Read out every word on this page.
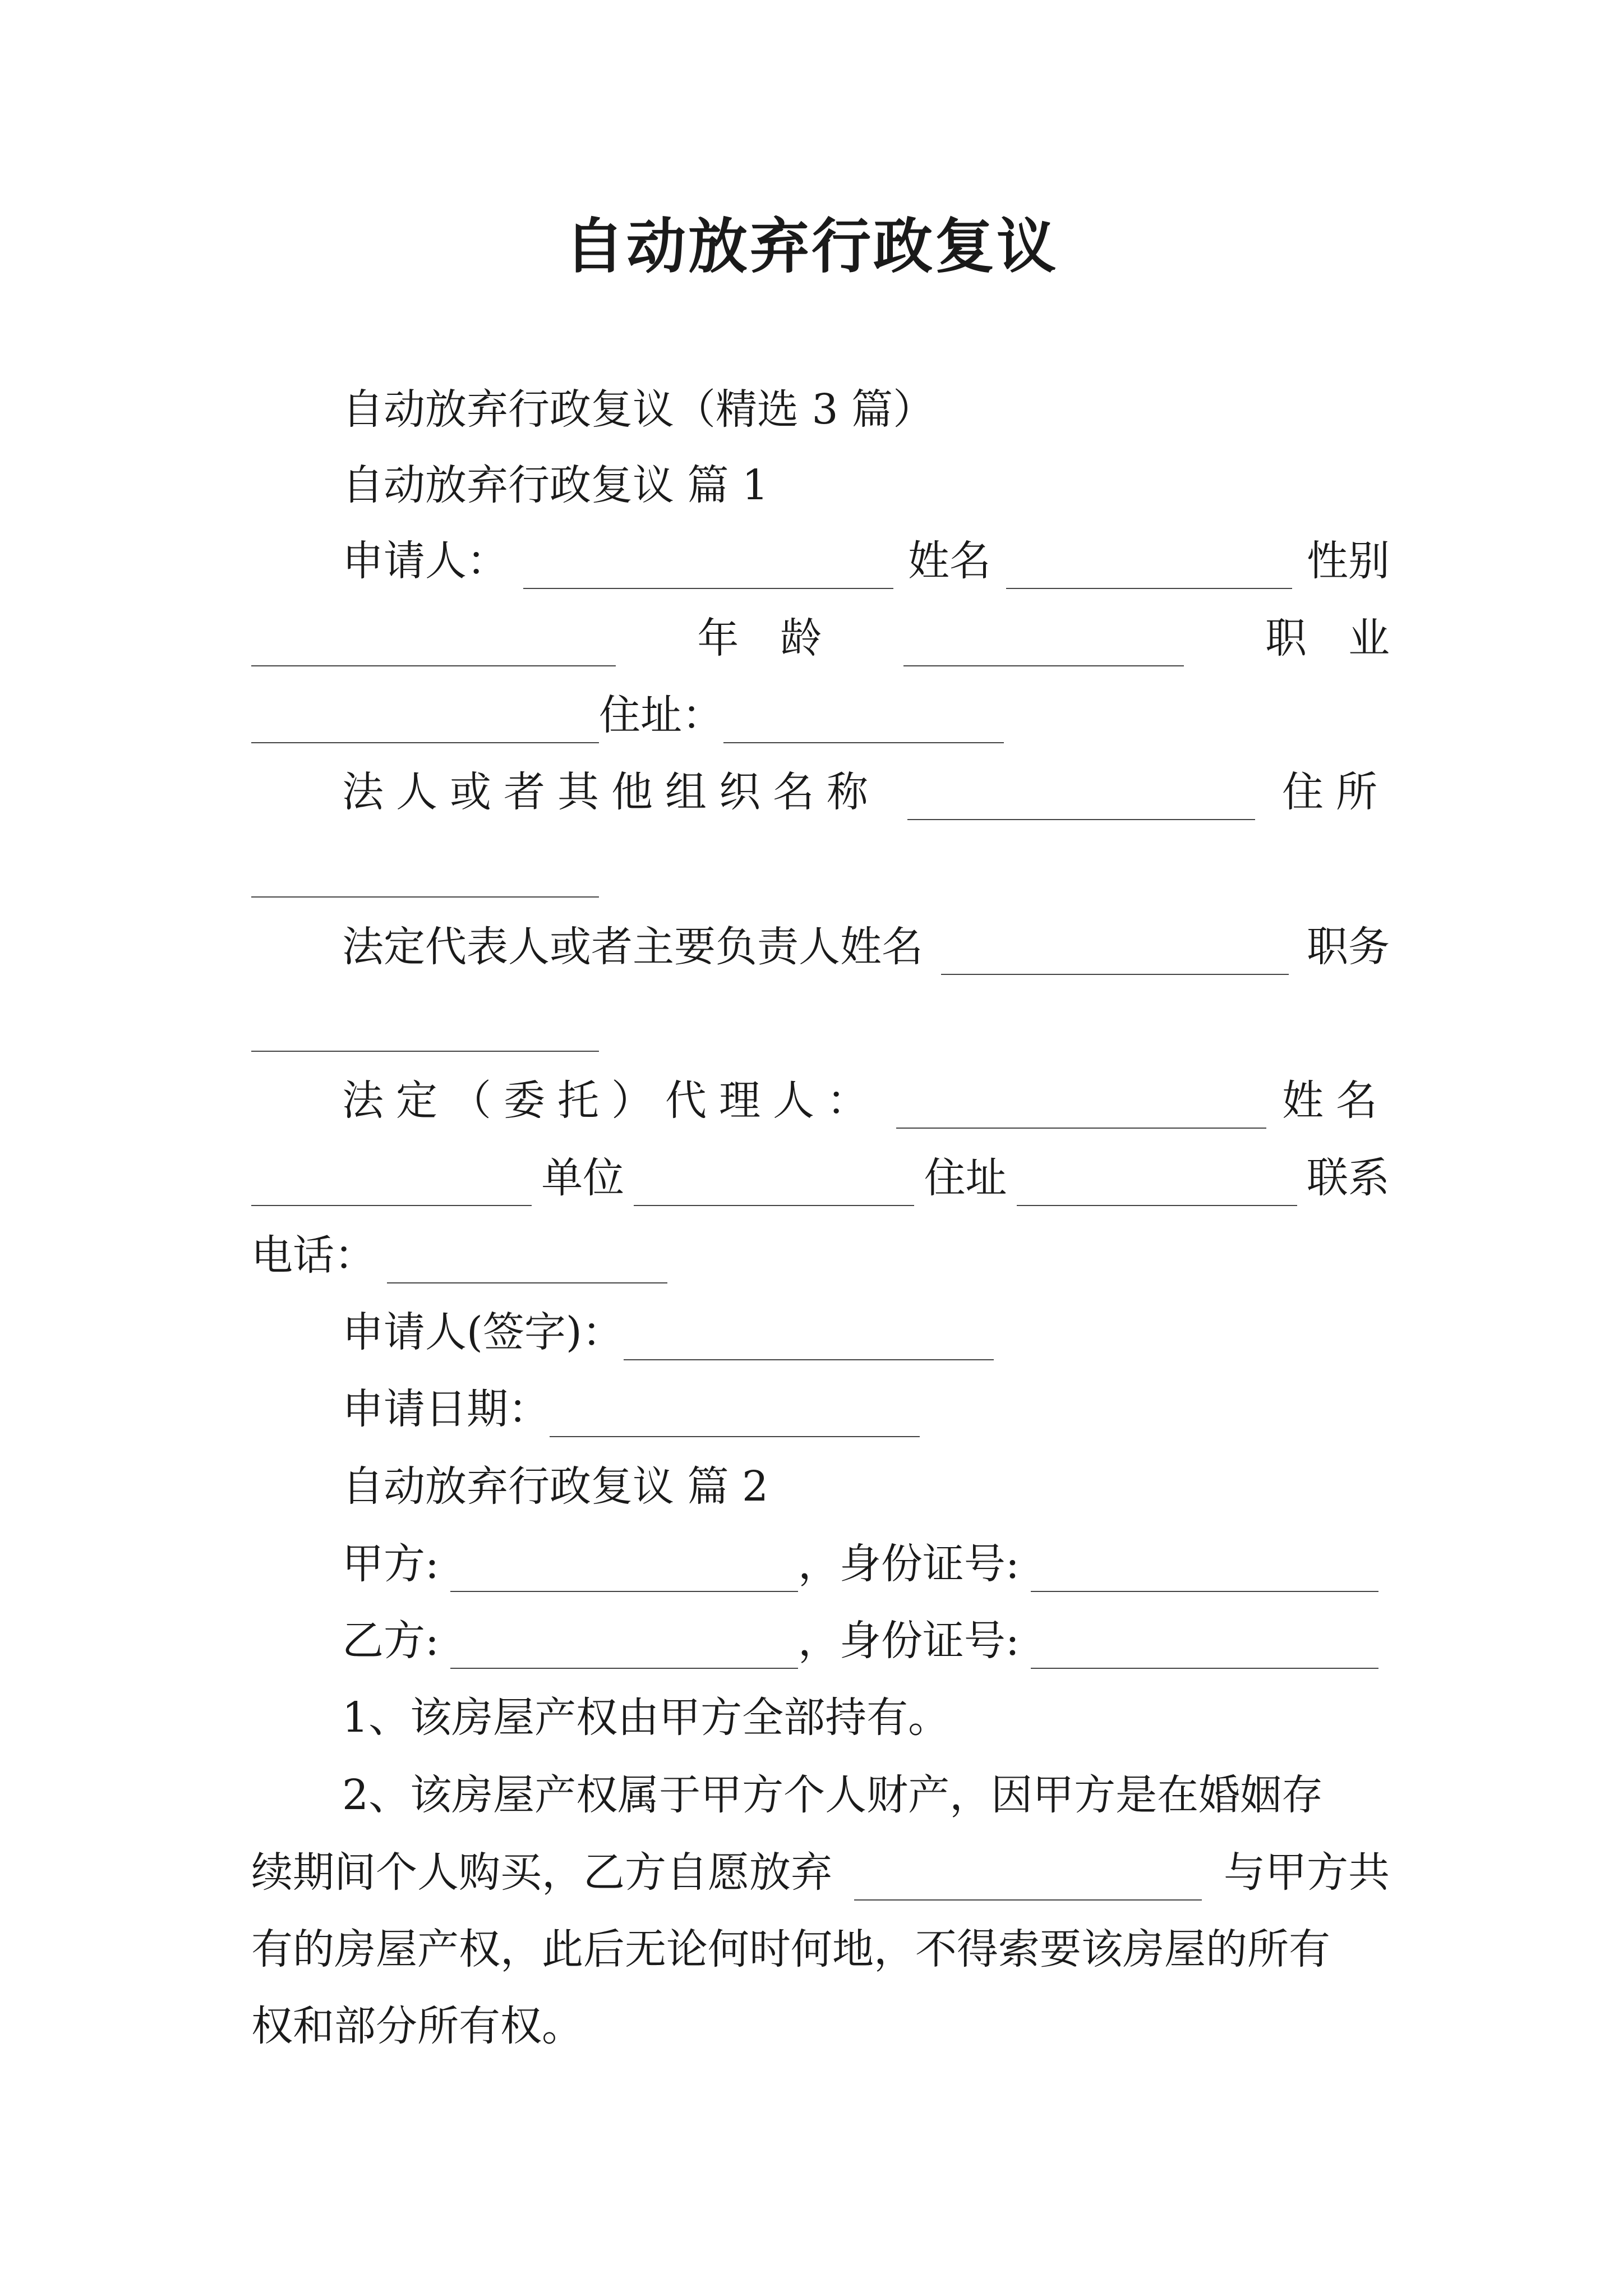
自动放弃行政复议
自动放弃行政复议（精选 3 篇）
自动放弃行政复议 篇 1
申请人：	姓名	性别
年　龄	职　业
住址：
法人或者其他组织名称	住所
法定代表人或者主要负责人姓名	职务
法定（委托）代理人：	姓名
单位	住址	联系
电话：
申请人(签字)：
申请日期：
自动放弃行政复议 篇 2
甲方:	，身份证号:
乙方:	，身份证号:
1、该房屋产权由甲方全部持有。
2、该房屋产权属于甲方个人财产，因甲方是在婚姻存
续期间个人购买，乙方自愿放弃	与甲方共
有的房屋产权，此后无论何时何地，不得索要该房屋的所有
权和部分所有权。
